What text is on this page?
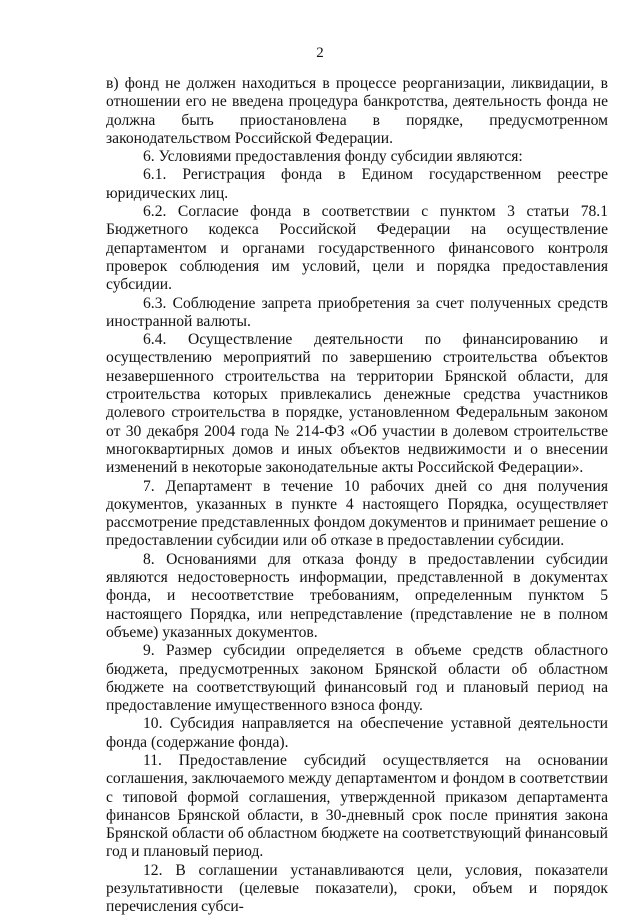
2

в) фонд не должен находиться в процессе реорганизации, ликвидации, в отношении его не введена процедура банкротства, деятельность фонда не должна быть приостановлена в порядке, предусмотренном законодательством Российской Федерации.

6. Условиями предоставления фонду субсидии являются:

6.1. Регистрация фонда в Едином государственном реестре юридических лиц.

6.2. Согласие фонда в соответствии с пунктом 3 статьи 78.1 Бюджетного кодекса Российской Федерации на осуществление департаментом и органами государственного финансового контроля проверок соблюдения им условий, цели и порядка предоставления субсидии.

6.3. Соблюдение запрета приобретения за счет полученных средств иностранной валюты.

6.4. Осуществление деятельности по финансированию и осуществлению мероприятий по завершению строительства объектов незавершенного строительства на территории Брянской области, для строительства которых привлекались денежные средства участников долевого строительства в порядке, установленном Федеральным законом от 30 декабря 2004 года № 214-ФЗ «Об участии в долевом строительстве многоквартирных домов и иных объектов недвижимости и о внесении изменений в некоторые законодательные акты Российской Федерации».

7. Департамент в течение 10 рабочих дней со дня получения документов, указанных в пункте 4 настоящего Порядка, осуществляет рассмотрение представленных фондом документов и принимает решение о предоставлении субсидии или об отказе в предоставлении субсидии.

8. Основаниями для отказа фонду в предоставлении субсидии являются недостоверность информации, представленной в документах фонда, и несоответствие требованиям, определенным пунктом 5 настоящего Порядка, или непредставление (представление не в полном объеме) указанных документов.

9. Размер субсидии определяется в объеме средств областного бюджета, предусмотренных законом Брянской области об областном бюджете на соответствующий финансовый год и плановый период на предоставление имущественного взноса фонду.

10. Субсидия направляется на обеспечение уставной деятельности фонда (содержание фонда).

11. Предоставление субсидий осуществляется на основании соглашения, заключаемого между департаментом и фондом в соответствии с типовой формой соглашения, утвержденной приказом департамента финансов Брянской области, в 30-дневный срок после принятия закона Брянской области об областном бюджете на соответствующий финансовый год и плановый период.

12. В соглашении устанавливаются цели, условия, показатели результативности (целевые показатели), сроки, объем и порядок перечисления субси-
